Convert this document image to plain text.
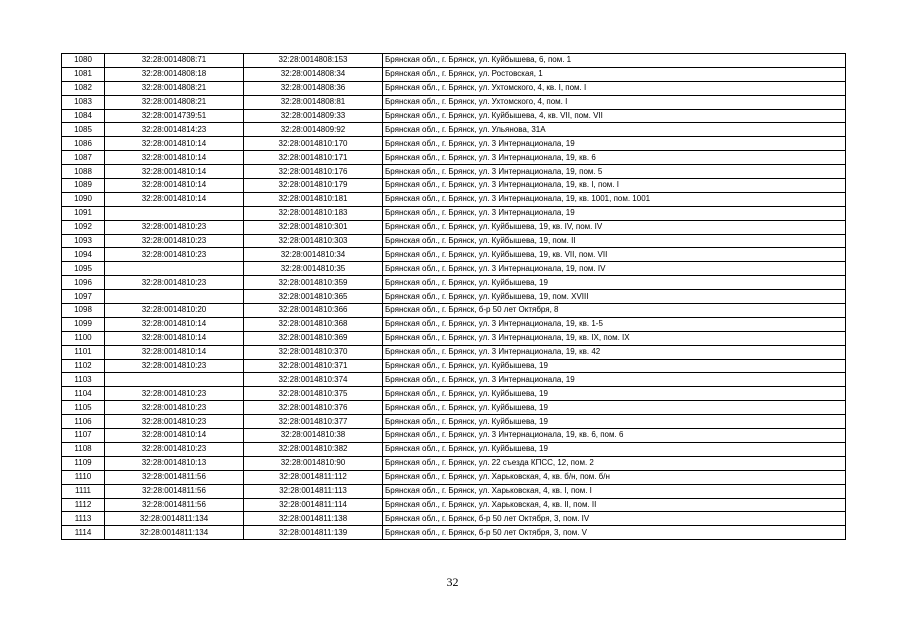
1080	32:28:0014808:71	32:28:0014808:153	Брянская обл., г. Брянск, ул. Куйбышева, 6, пом. 1
1081	32:28:0014808:18	32:28:0014808:34	Брянская обл., г. Брянск, ул. Ростовская, 1
1082	32:28:0014808:21	32:28:0014808:36	Брянская обл., г. Брянск, ул. Ухтомского, 4, кв. I, пом. I
1083	32:28:0014808:21	32:28:0014808:81	Брянская обл., г. Брянск, ул. Ухтомского, 4, пом. I
1084	32:28:0014739:51	32:28:0014809:33	Брянская обл., г. Брянск, ул. Куйбышева, 4, кв. VII, пом. VII
1085	32:28:0014814:23	32:28:0014809:92	Брянская обл., г. Брянск, ул. Ульянова, 31А
1086	32:28:0014810:14	32:28:0014810:170	Брянская обл., г. Брянск, ул. 3 Интернационала, 19
1087	32:28:0014810:14	32:28:0014810:171	Брянская обл., г. Брянск, ул. 3 Интернационала, 19, кв. 6
1088	32:28:0014810:14	32:28:0014810:176	Брянская обл., г. Брянск, ул. 3 Интернационала, 19, пом. 5
1089	32:28:0014810:14	32:28:0014810:179	Брянская обл., г. Брянск, ул. 3 Интернационала, 19, кв. I, пом. I
1090	32:28:0014810:14	32:28:0014810:181	Брянская обл., г. Брянск, ул. 3 Интернационала, 19, кв. 1001, пом. 1001
1091		32:28:0014810:183	Брянская обл., г. Брянск, ул. 3 Интернационала, 19
1092	32:28:0014810:23	32:28:0014810:301	Брянская обл., г. Брянск, ул. Куйбышева, 19, кв. IV, пом. IV
1093	32:28:0014810:23	32:28:0014810:303	Брянская обл., г. Брянск, ул. Куйбышева, 19, пом. II
1094	32:28:0014810:23	32:28:0014810:34	Брянская обл., г. Брянск, ул. Куйбышева, 19, кв. VII, пом. VII
1095		32:28:0014810:35	Брянская обл., г. Брянск, ул. 3 Интернационала, 19, пом. IV
1096	32:28:0014810:23	32:28:0014810:359	Брянская обл., г. Брянск, ул. Куйбышева, 19
1097		32:28:0014810:365	Брянская обл., г. Брянск, ул. Куйбышева, 19, пом. XVIII
1098	32:28:0014810:20	32:28:0014810:366	Брянская обл., г. Брянск, б-р 50 лет Октября, 8
1099	32:28:0014810:14	32:28:0014810:368	Брянская обл., г. Брянск, ул. 3 Интернационала, 19, кв. 1-5
1100	32:28:0014810:14	32:28:0014810:369	Брянская обл., г. Брянск, ул. 3 Интернационала, 19, кв. IX, пом. IX
1101	32:28:0014810:14	32:28:0014810:370	Брянская обл., г. Брянск, ул. 3 Интернационала, 19, кв. 42
1102	32:28:0014810:23	32:28:0014810:371	Брянская обл., г. Брянск, ул. Куйбышева, 19
1103		32:28:0014810:374	Брянская обл., г. Брянск, ул. 3 Интернационала, 19
1104	32:28:0014810:23	32:28:0014810:375	Брянская обл., г. Брянск, ул. Куйбышева, 19
1105	32:28:0014810:23	32:28:0014810:376	Брянская обл., г. Брянск, ул. Куйбышева, 19
1106	32:28:0014810:23	32:28:0014810:377	Брянская обл., г. Брянск, ул. Куйбышева, 19
1107	32:28:0014810:14	32:28:0014810:38	Брянская обл., г. Брянск, ул. 3 Интернационала, 19, кв. 6, пом. 6
1108	32:28:0014810:23	32:28:0014810:382	Брянская обл., г. Брянск, ул. Куйбышева, 19
1109	32:28:0014810:13	32:28:0014810:90	Брянская обл., г. Брянск, ул. 22 съезда КПСС, 12, пом. 2
1110	32:28:0014811:56	32:28:0014811:112	Брянская обл., г. Брянск, ул. Харьковская, 4, кв. б/н, пом. б/н
1111	32:28:0014811:56	32:28:0014811:113	Брянская обл., г. Брянск, ул. Харьковская, 4, кв. I, пом. I
1112	32:28:0014811:56	32:28:0014811:114	Брянская обл., г. Брянск, ул. Харьковская, 4, кв. II, пом. II
1113	32:28:0014811:134	32:28:0014811:138	Брянская обл., г. Брянск, б-р 50 лет Октября, 3, пом. IV
1114	32:28:0014811:134	32:28:0014811:139	Брянская обл., г. Брянск, б-р 50 лет Октября, 3, пом. V
32
